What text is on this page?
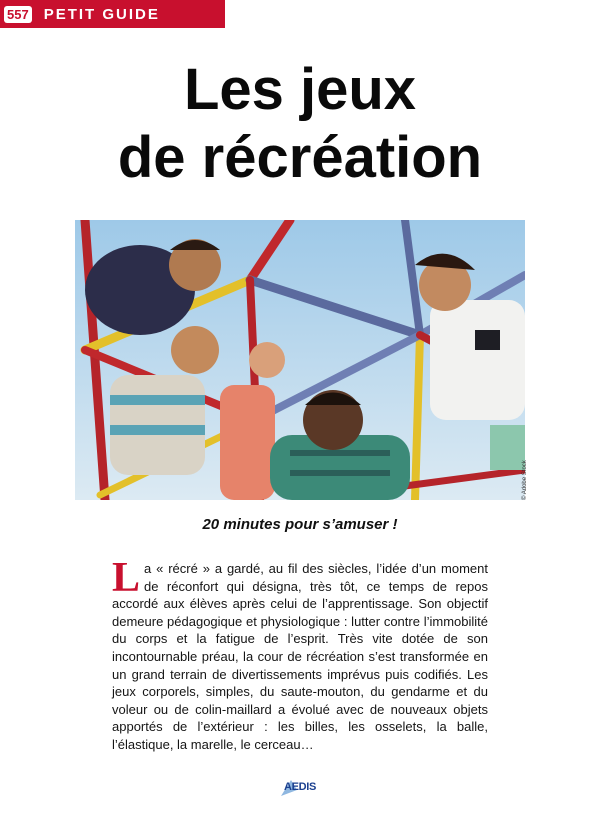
557 PETIT GUIDE
Les jeux
de récréation
© Adobe Stock
20 minutes pour s’amuser !
L a « récré » a gardé, au fil des siècles, l’idée d’un moment de réconfort qui désigna, très tôt, ce temps de repos accordé aux élèves après celui de l’apprentissage. Son objectif demeure pédagogique et physiologique : lutter contre l’immobilité du corps et la fatigue de l’esprit. Très vite dotée de son incontournable préau, la cour de récréation s’est transformée en un grand terrain de divertissements imprévus puis codifiés. Les jeux corporels, simples, du saute-mouton, du gendarme et du voleur ou de colin-maillard a évolué avec de nouveaux objets apportés de l’extérieur : les billes, les osselets, la balle, l’élastique, la marelle, le cerceau…
AEDIS
